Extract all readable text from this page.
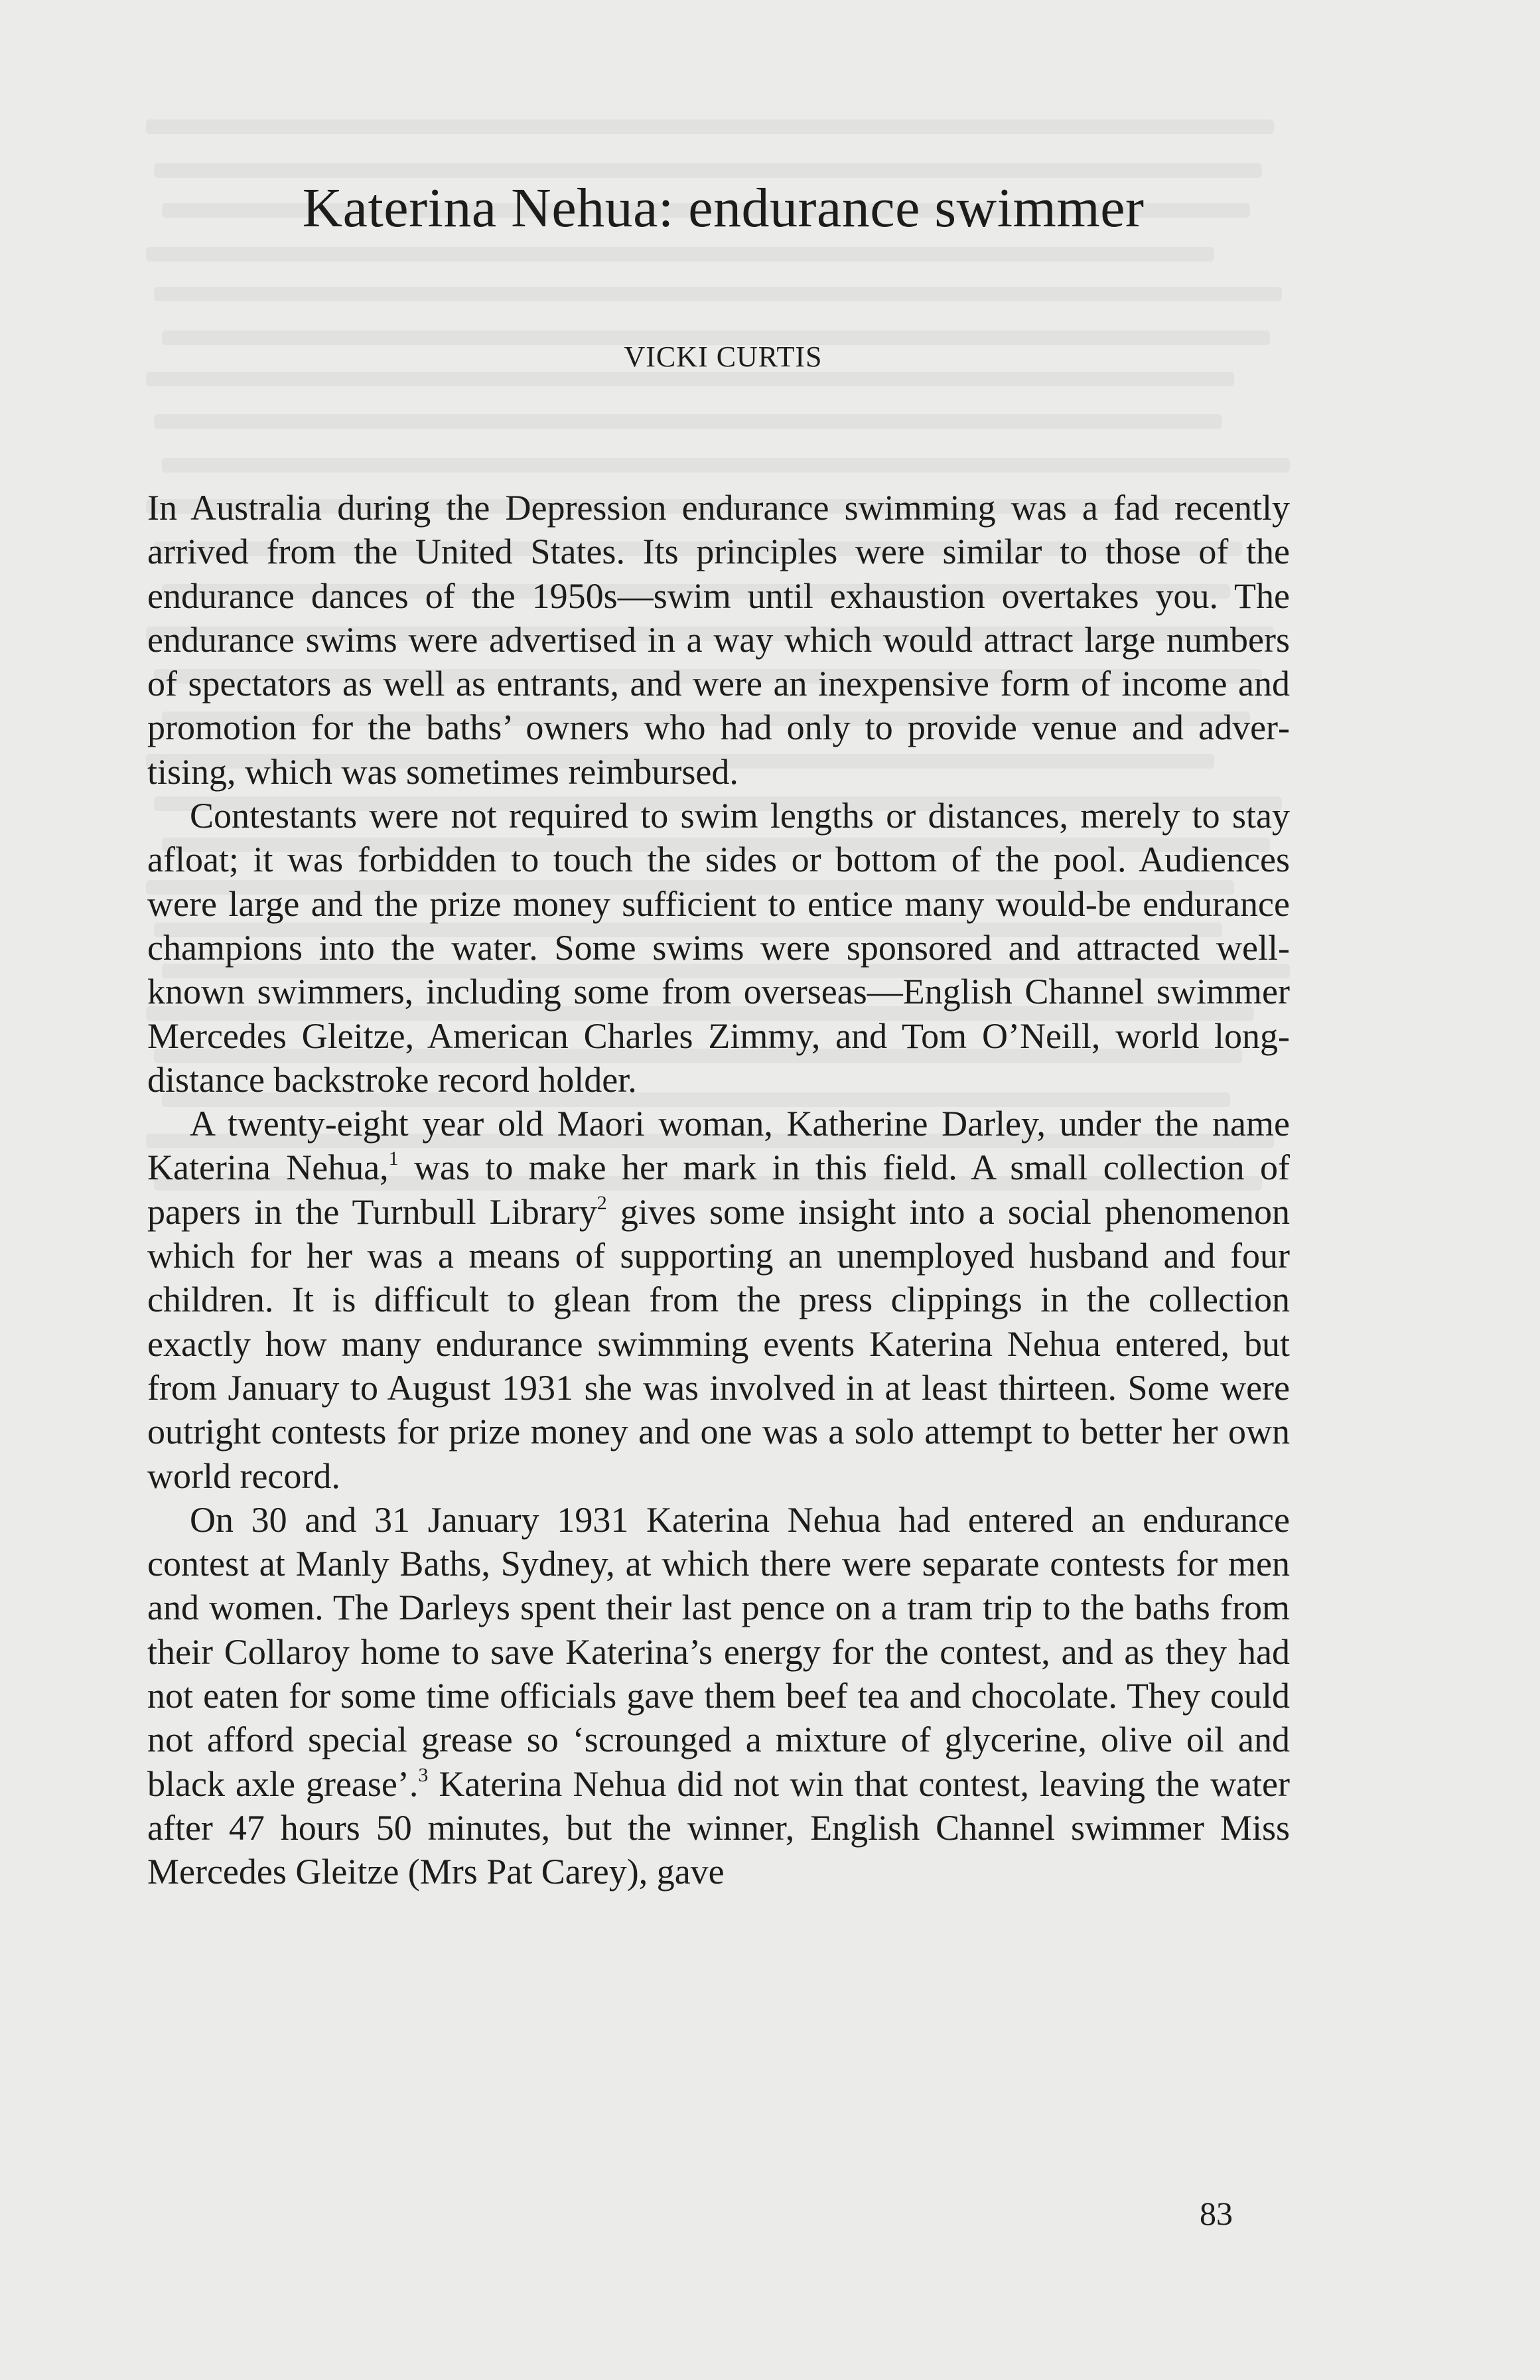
Katerina Nehua: endurance swimmer

VICKI CURTIS

In Australia during the Depression endurance swimming was a fad recently arrived from the United States. Its principles were similar to those of the endurance dances of the 1950s—swim until exhaustion overtakes you. The endurance swims were advertised in a way which would attract large numbers of spectators as well as entrants, and were an inexpensive form of income and promotion for the baths’ owners who had only to provide venue and advertising, which was sometimes reimbursed.

Contestants were not required to swim lengths or distances, merely to stay afloat; it was forbidden to touch the sides or bottom of the pool. Audiences were large and the prize money sufficient to entice many would-be endurance champions into the water. Some swims were sponsored and attracted well-known swimmers, including some from overseas—English Channel swimmer Mercedes Gleitze, American Charles Zimmy, and Tom O’Neill, world long-distance backstroke record holder.

A twenty-eight year old Maori woman, Katherine Darley, under the name Katerina Nehua,$^1$ was to make her mark in this field. A small collection of papers in the Turnbull Library$^2$ gives some insight into a social phenomenon which for her was a means of supporting an unemployed husband and four children. It is difficult to glean from the press clippings in the collection exactly how many endurance swimming events Katerina Nehua entered, but from January to August 1931 she was involved in at least thirteen. Some were outright contests for prize money and one was a solo attempt to better her own world record.

On 30 and 31 January 1931 Katerina Nehua had entered an endurance contest at Manly Baths, Sydney, at which there were separate contests for men and women. The Darleys spent their last pence on a tram trip to the baths from their Collaroy home to save Katerina’s energy for the contest, and as they had not eaten for some time officials gave them beef tea and chocolate. They could not afford special grease so ‘scrounged a mixture of glycerine, olive oil and black axle grease’.$^3$ Katerina Nehua did not win that contest, leaving the water after 47 hours 50 minutes, but the winner, English Channel swimmer Miss Mercedes Gleitze (Mrs Pat Carey), gave

83
